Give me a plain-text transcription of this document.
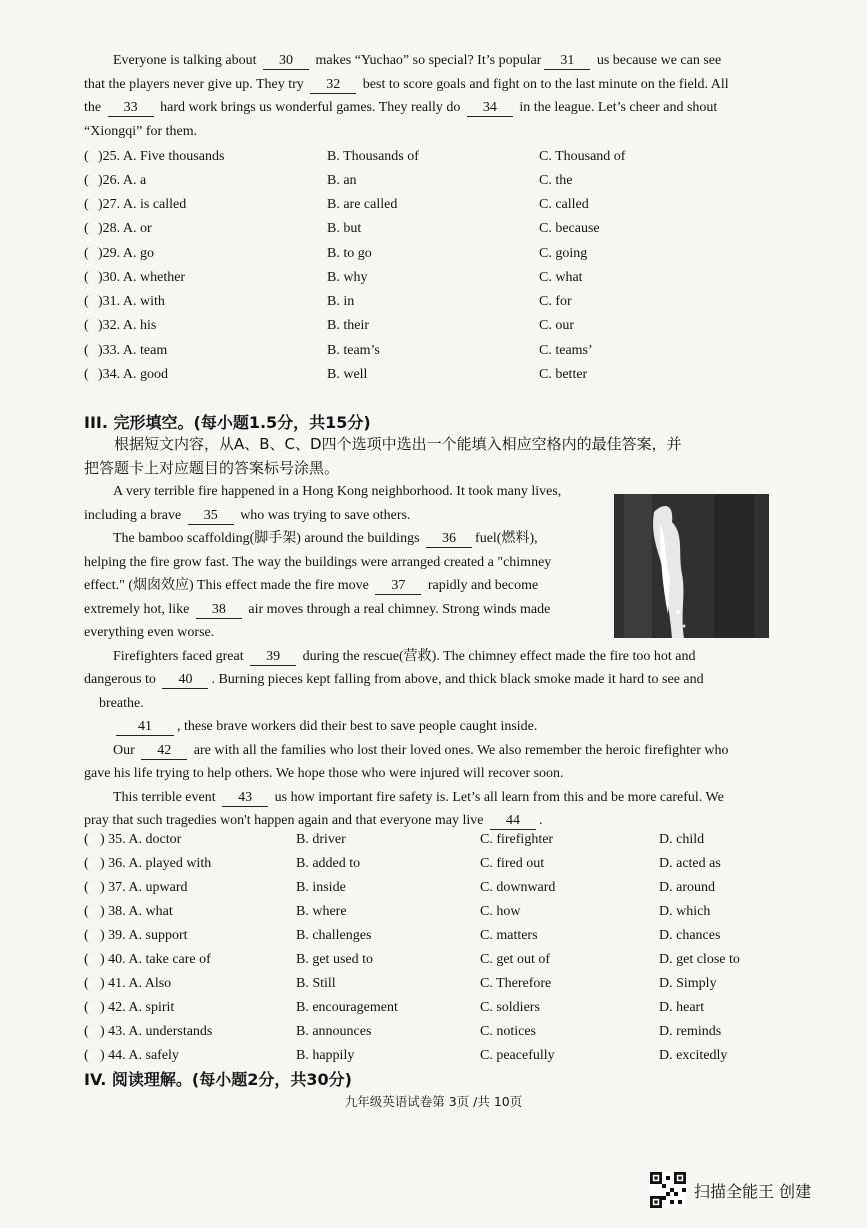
Everyone is talking about 30 makes “Yuchao” so special? It’s popular 31 us because we can see
that the players never give up. They try 32 best to score goals and fight on to the last minute on the field. All
the 33 hard work brings us wonderful games. They really do 34 in the league. Let’s cheer and shout
“Xiongqi” for them.
( )25. A. Five thousands	B. Thousands of	C. Thousand of
( )26. A. a	B. an	C. the
( )27. A. is called	B. are called	C. called
( )28. A. or	B. but	C. because
( )29. A. go	B. to go	C. going
( )30. A. whether	B. why	C. what
( )31. A. with	B. in	C. for
( )32. A. his	B. their	C. our
( )33. A. team	B. team’s	C. teams’
( )34. A. good	B. well	C. better
III. 完形填空。(每小题1.5分，共15分)
根据短文内容，从A、B、C、D四个选项中选出一个能填入相应空格内的最佳答案，并
把答题卡上对应题目的答案标号涂黑。
A very terrible fire happened in a Hong Kong neighborhood. It took many lives,
including a brave 35 who was trying to save others.
The bamboo scaffolding(脚手架) around the buildings 36 fuel(燃料),
helping the fire grow fast. The way the buildings were arranged created a "chimney
effect." (烟囱效应) This effect made the fire move 37 rapidly and become
extremely hot, like 38 air moves through a real chimney. Strong winds made
everything even worse.
Firefighters faced great 39 during the rescue(营救). The chimney effect made the fire too hot and
dangerous to 40 . Burning pieces kept falling from above, and thick black smoke made it hard to see and
breathe.
41 , these brave workers did their best to save people caught inside.
Our 42 are with all the families who lost their loved ones. We also remember the heroic firefighter who
gave his life trying to help others. We hope those who were injured will recover soon.
This terrible event 43 us how important fire safety is. Let’s all learn from this and be more careful. We
pray that such tragedies won't happen again and that everyone may live 44 .
( ) 35. A. doctor	B. driver	C. firefighter	D. child
( ) 36. A. played with	B. added to	C. fired out	D. acted as
( ) 37. A. upward	B. inside	C. downward	D. around
( ) 38. A. what	B. where	C. how	D. which
( ) 39. A. support	B. challenges	C. matters	D. chances
( ) 40. A. take care of	B. get used to	C. get out of	D. get close to
( ) 41. A. Also	B. Still	C. Therefore	D. Simply
( ) 42. A. spirit	B. encouragement	C. soldiers	D. heart
( ) 43. A. understands	B. announces	C. notices	D. reminds
( ) 44. A. safely	B. happily	C. peacefully	D. excitedly
IV. 阅读理解。(每小题2分，共30分)
九年级英语试卷第 3页 /共 10页
扫描全能王 创建
